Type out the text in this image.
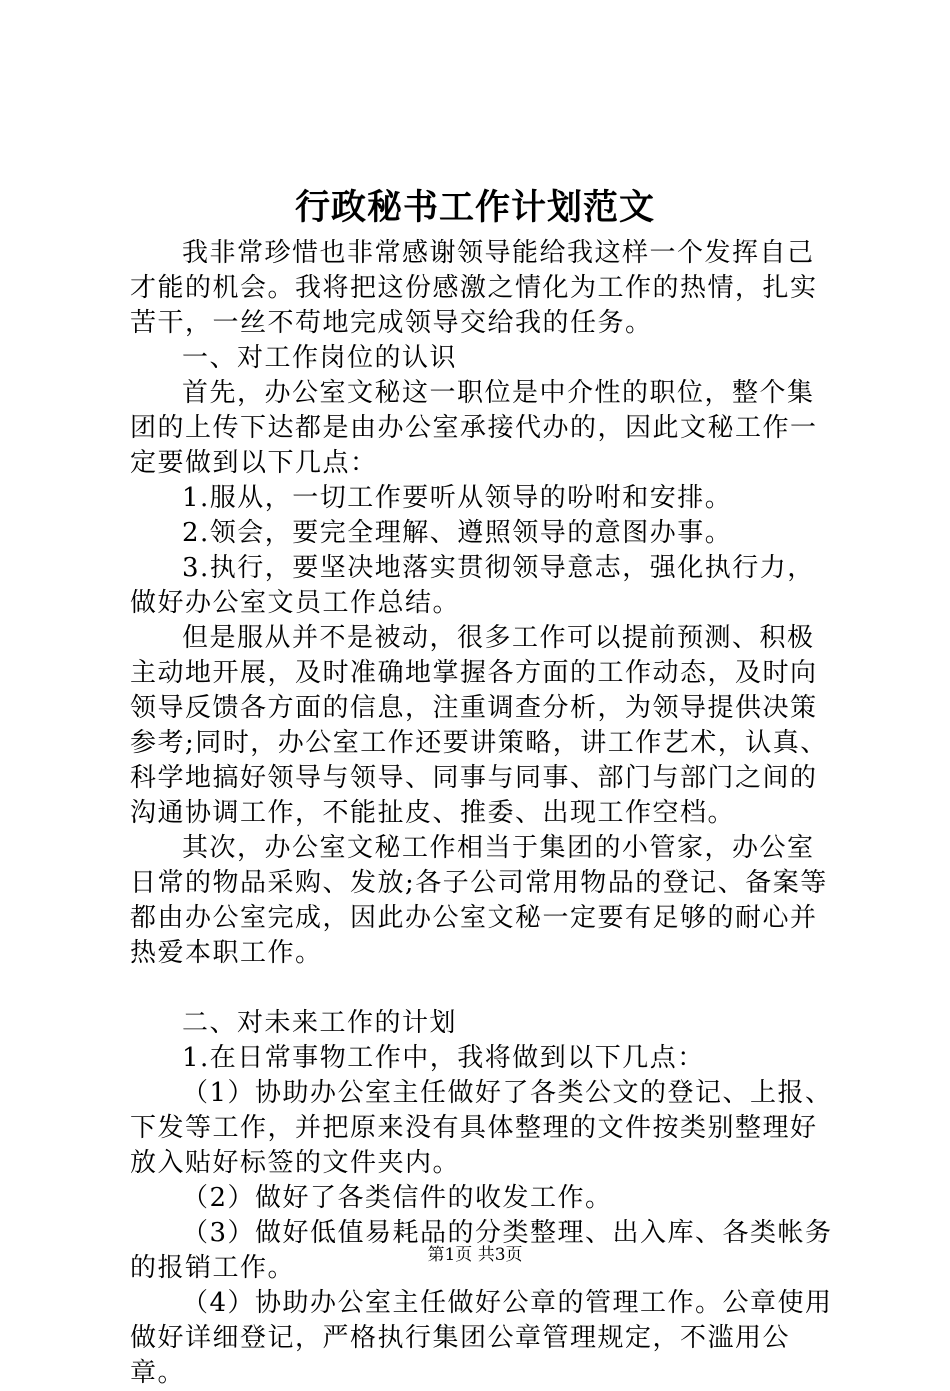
行政秘书工作计划范文

我非常珍惜也非常感谢领导能给我这样一个发挥自己才能的机会。我将把这份感激之情化为工作的热情，扎实苦干，一丝不苟地完成领导交给我的任务。

一、对工作岗位的认识

首先，办公室文秘这一职位是中介性的职位，整个集团的上传下达都是由办公室承接代办的，因此文秘工作一定要做到以下几点：

1.服从，一切工作要听从领导的吩咐和安排。

2.领会，要完全理解、遵照领导的意图办事。

3.执行，要坚决地落实贯彻领导意志，强化执行力，做好办公室文员工作总结。

但是服从并不是被动，很多工作可以提前预测、积极主动地开展，及时准确地掌握各方面的工作动态，及时向领导反馈各方面的信息，注重调查分析，为领导提供决策参考;同时，办公室工作还要讲策略，讲工作艺术，认真、科学地搞好领导与领导、同事与同事、部门与部门之间的沟通协调工作，不能扯皮、推委、出现工作空档。

其次，办公室文秘工作相当于集团的小管家，办公室日常的物品采购、发放;各子公司常用物品的登记、备案等都由办公室完成，因此办公室文秘一定要有足够的耐心并热爱本职工作。

二、对未来工作的计划

1.在日常事物工作中，我将做到以下几点：

（1）协助办公室主任做好了各类公文的登记、上报、下发等工作，并把原来没有具体整理的文件按类别整理好放入贴好标签的文件夹内。

（2）做好了各类信件的收发工作。

（3）做好低值易耗品的分类整理、出入库、各类帐务的报销工作。

（4）协助办公室主任做好公章的管理工作。公章使用做好详细登记，严格执行集团公章管理规定，不滥用公章。

第1页 共3页
